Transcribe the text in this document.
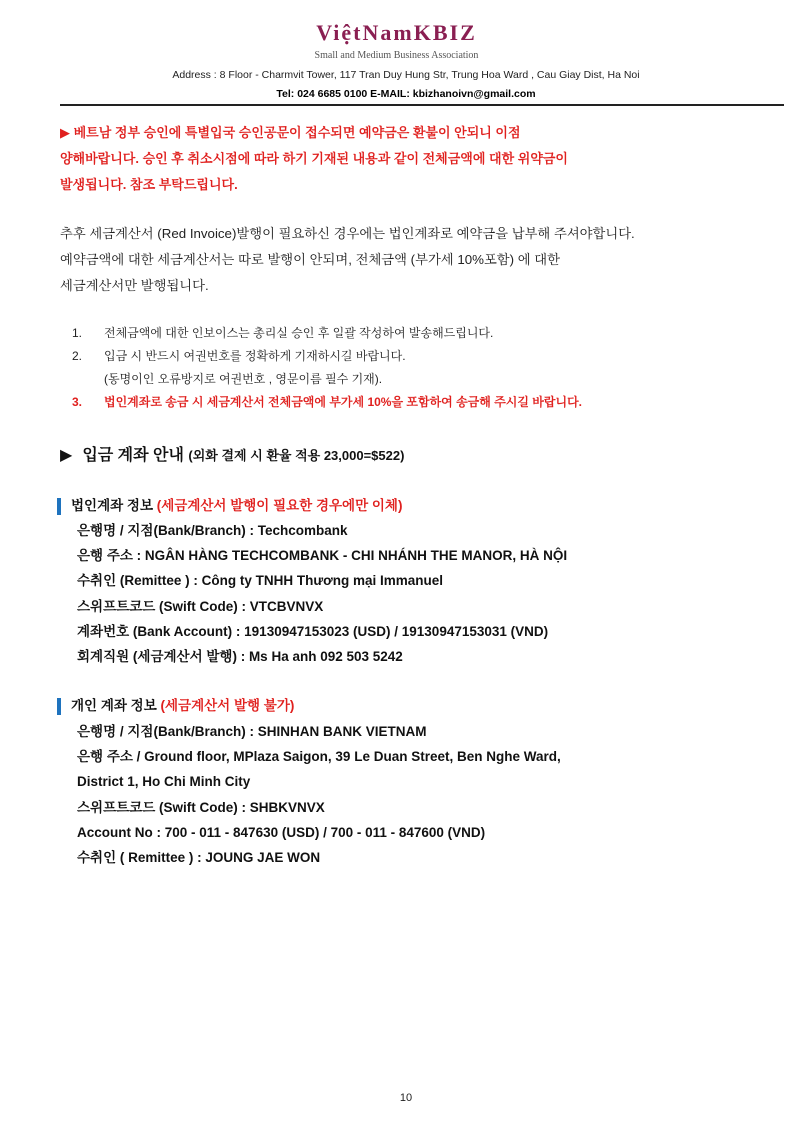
ViệtNamKBIZ
Small and Medium Business Association
Address : 8 Floor - Charmvit Tower, 117 Tran Duy Hung Str, Trung Hoa Ward , Cau Giay Dist, Ha Noi
Tel: 024 6685 0100 E-MAIL: kbizhanoivn@gmail.com
▶ 베트남 정부 승인에 특별입국 승인공문이 접수되면 예약금은 환불이 안되니 이점
양해바랍니다. 승인 후 취소시점에 따라 하기 기재된 내용과 같이 전체금액에 대한 위약금이
발생됩니다. 참조 부탁드립니다.
추후 세금계산서 (Red Invoice)발행이 필요하신 경우에는 법인계좌로 예약금을 납부해 주셔야합니다.
예약금액에 대한 세금계산서는 따로 발행이 안되며, 전체금액 (부가세 10%포함) 에 대한
세금계산서만 발행됩니다.
1. 전체금액에 대한 인보이스는 총리실 승인 후 일괄 작성하여 발송해드립니다.
2. 입금 시 반드시 여권번호를 정확하게 기재하시길 바랍니다.
(동명이인 오류방지로 여권번호 , 영문이름 필수 기재).
3. 법인계좌로 송금 시 세금계산서 전체금액에 부가세 10%을 포함하여 송금해 주시길 바랍니다.
▶ 입금 계좌 안내 (외화 결제 시 환율 적용 23,000=$522)
법인계좌 정보 (세금계산서 발행이 필요한 경우에만 이체)
은행명 / 지점(Bank/Branch) : Techcombank
은행 주소 : NGÂN HÀNG TECHCOMBANK - CHI NHÁNH THE MANOR, HÀ NỘI
수취인 (Remittee ) : Công ty TNHH Thương mại Immanuel
스위프트코드 (Swift Code) : VTCBVNVX
계좌번호 (Bank Account) : 19130947153023 (USD) / 19130947153031 (VND)
회계직원 (세금계산서 발행) : Ms Ha anh 092 503 5242
개인 계좌 정보 (세금계산서 발행 불가)
은행명 / 지점(Bank/Branch) : SHINHAN BANK VIETNAM
은행 주소 / Ground floor, MPlaza Saigon, 39 Le Duan Street, Ben Nghe Ward,
District 1, Ho Chi Minh City
스위프트코드 (Swift Code) : SHBKVNVX
Account No : 700 - 011 - 847630 (USD) / 700 - 011 - 847600 (VND)
수취인 ( Remittee ) : JOUNG JAE WON
10
